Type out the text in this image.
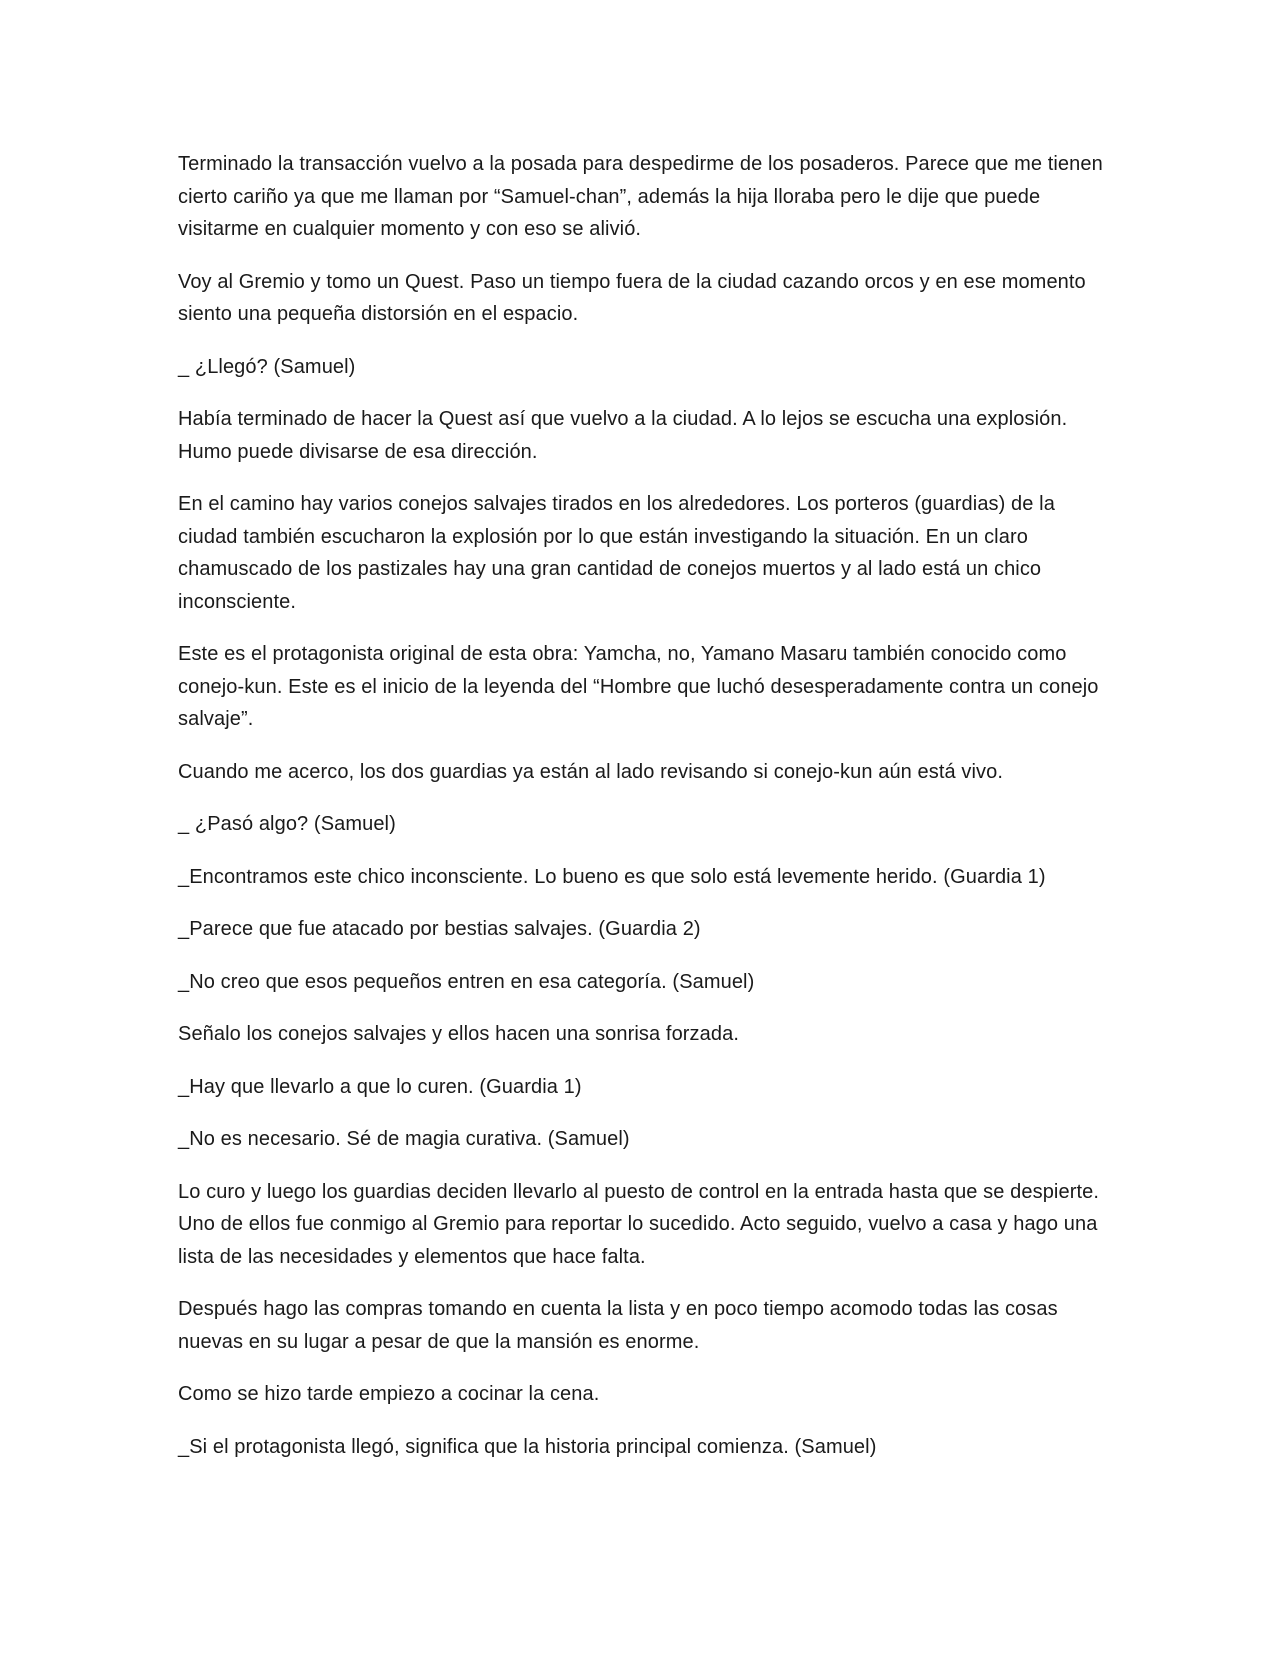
Terminado la transacción vuelvo a la posada para despedirme de los posaderos. Parece que me tienen cierto cariño ya que me llaman por “Samuel-chan”, además la hija lloraba pero le dije que puede visitarme en cualquier momento y con eso se alivió.

Voy al Gremio y tomo un Quest. Paso un tiempo fuera de la ciudad cazando orcos y en ese momento siento una pequeña distorsión en el espacio.

_ ¿Llegó? (Samuel)

Había terminado de hacer la Quest así que vuelvo a la ciudad. A lo lejos se escucha una explosión. Humo puede divisarse de esa dirección.

En el camino hay varios conejos salvajes tirados en los alrededores. Los porteros (guardias) de la ciudad también escucharon la explosión por lo que están investigando la situación. En un claro chamuscado de los pastizales hay una gran cantidad de conejos muertos y al lado está un chico inconsciente.

Este es el protagonista original de esta obra: Yamcha, no, Yamano Masaru también conocido como conejo-kun. Este es el inicio de la leyenda del “Hombre que luchó desesperadamente contra un conejo salvaje”.

Cuando me acerco, los dos guardias ya están al lado revisando si conejo-kun aún está vivo.

_ ¿Pasó algo? (Samuel)

_Encontramos este chico inconsciente. Lo bueno es que solo está levemente herido. (Guardia 1)

_Parece que fue atacado por bestias salvajes. (Guardia 2)

_No creo que esos pequeños entren en esa categoría. (Samuel)

Señalo los conejos salvajes y ellos hacen una sonrisa forzada.

_Hay que llevarlo a que lo curen. (Guardia 1)

_No es necesario. Sé de magia curativa. (Samuel)

Lo curo y luego los guardias deciden llevarlo al puesto de control en la entrada hasta que se despierte. Uno de ellos fue conmigo al Gremio para reportar lo sucedido. Acto seguido, vuelvo a casa y hago una lista de las necesidades y elementos que hace falta.

Después hago las compras tomando en cuenta la lista y en poco tiempo acomodo todas las cosas nuevas en su lugar a pesar de que la mansión es enorme.

Como se hizo tarde empiezo a cocinar la cena.

_Si el protagonista llegó, significa que la historia principal comienza. (Samuel)
